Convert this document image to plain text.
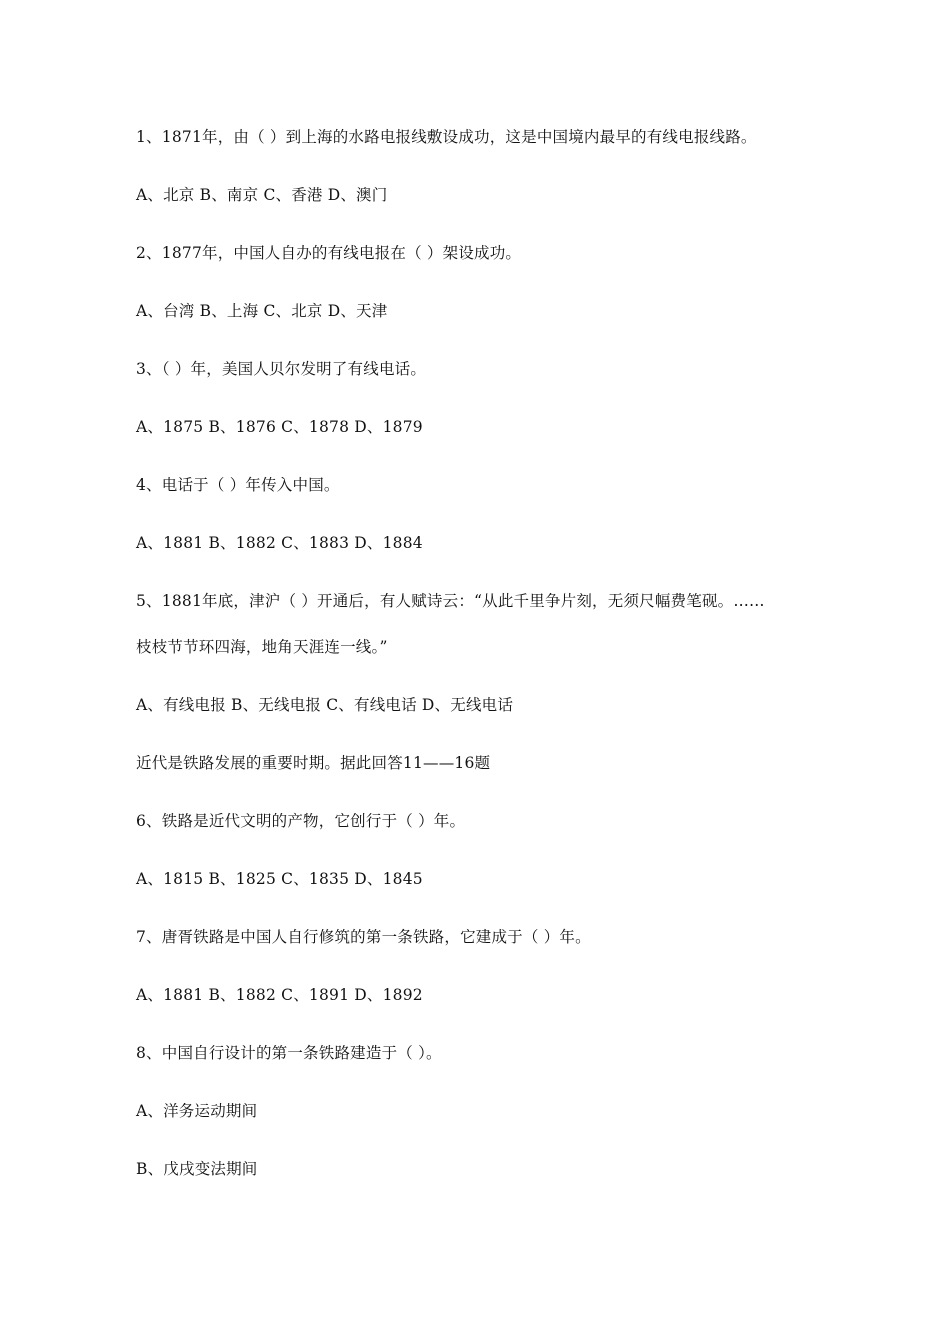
1、1871年，由（ ）到上海的水路电报线敷设成功，这是中国境内最早的有线电报线路。
A、北京 B、南京 C、香港 D、澳门
2、1877年，中国人自办的有线电报在（ ）架设成功。
A、台湾 B、上海 C、北京 D、天津
3、（ ）年，美国人贝尔发明了有线电话。
A、1875 B、1876 C、1878 D、1879
4、电话于（ ）年传入中国。
A、1881 B、1882 C、1883 D、1884
5、1881年底，津沪（ ）开通后，有人赋诗云：“从此千里争片刻，无须尺幅费笔砚。……
枝枝节节环四海，地角天涯连一线。”
A、有线电报 B、无线电报 C、有线电话 D、无线电话
近代是铁路发展的重要时期。据此回答11——16题
6、铁路是近代文明的产物，它创行于（ ）年。
A、1815 B、1825 C、1835 D、1845
7、唐胥铁路是中国人自行修筑的第一条铁路，它建成于（ ）年。
A、1881 B、1882 C、1891 D、1892
8、中国自行设计的第一条铁路建造于（ ）。
A、洋务运动期间
B、戊戌变法期间
